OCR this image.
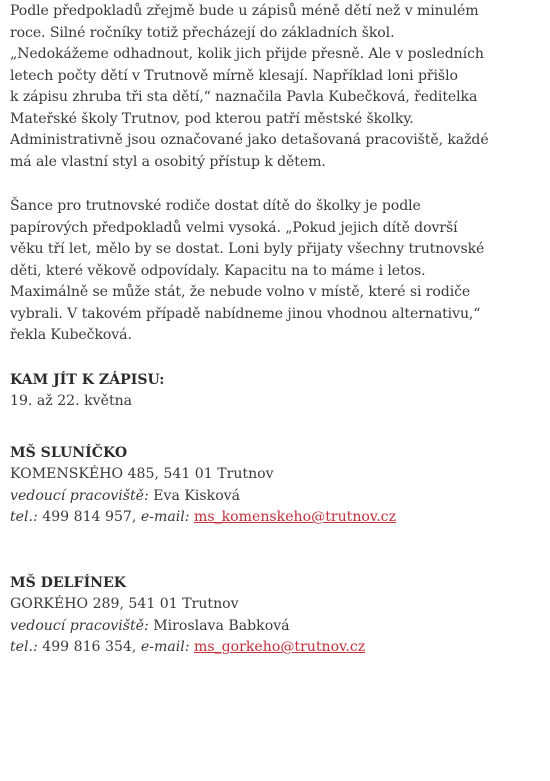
Podle předpokladů zřejmě bude u zápisů méně dětí než v minulém
roce. Silné ročníky totiž přecházejí do základních škol.
„Nedokážeme odhadnout, kolik jich přijde přesně. Ale v posledních
letech počty dětí v Trutnově mírně klesají. Například loni přišlo
k zápisu zhruba tři sta dětí,“ naznačila Pavla Kubečková, ředitelka
Mateřské školy Trutnov, pod kterou patří městské školky.
Administrativně jsou označované jako detašovaná pracoviště, každé
má ale vlastní styl a osobitý přístup k dětem.

Šance pro trutnovské rodiče dostat dítě do školky je podle
papírových předpokladů velmi vysoká. „Pokud jejich dítě dovrší
věku tří let, mělo by se dostat. Loni byly přijaty všechny trutnovské
děti, které věkově odpovídaly. Kapacitu na to máme i letos.
Maximálně se může stát, že nebude volno v místě, které si rodiče
vybrali. V takovém případě nabídneme jinou vhodnou alternativu,“
řekla Kubečková.

KAM JÍT K ZÁPISU:
19. až 22. května
MŠ SLUNÍČKO
KOMENSKÉHO 485, 541 01 Trutnov
vedoucí pracoviště: Eva Kisková
tel.: 499 814 957, e-mail: ms_komenskeho@trutnov.cz
MŠ DELFÍNEK
GORKÉHO 289, 541 01 Trutnov
vedoucí pracoviště: Miroslava Babková
tel.: 499 816 354, e-mail: ms_gorkeho@trutnov.cz
